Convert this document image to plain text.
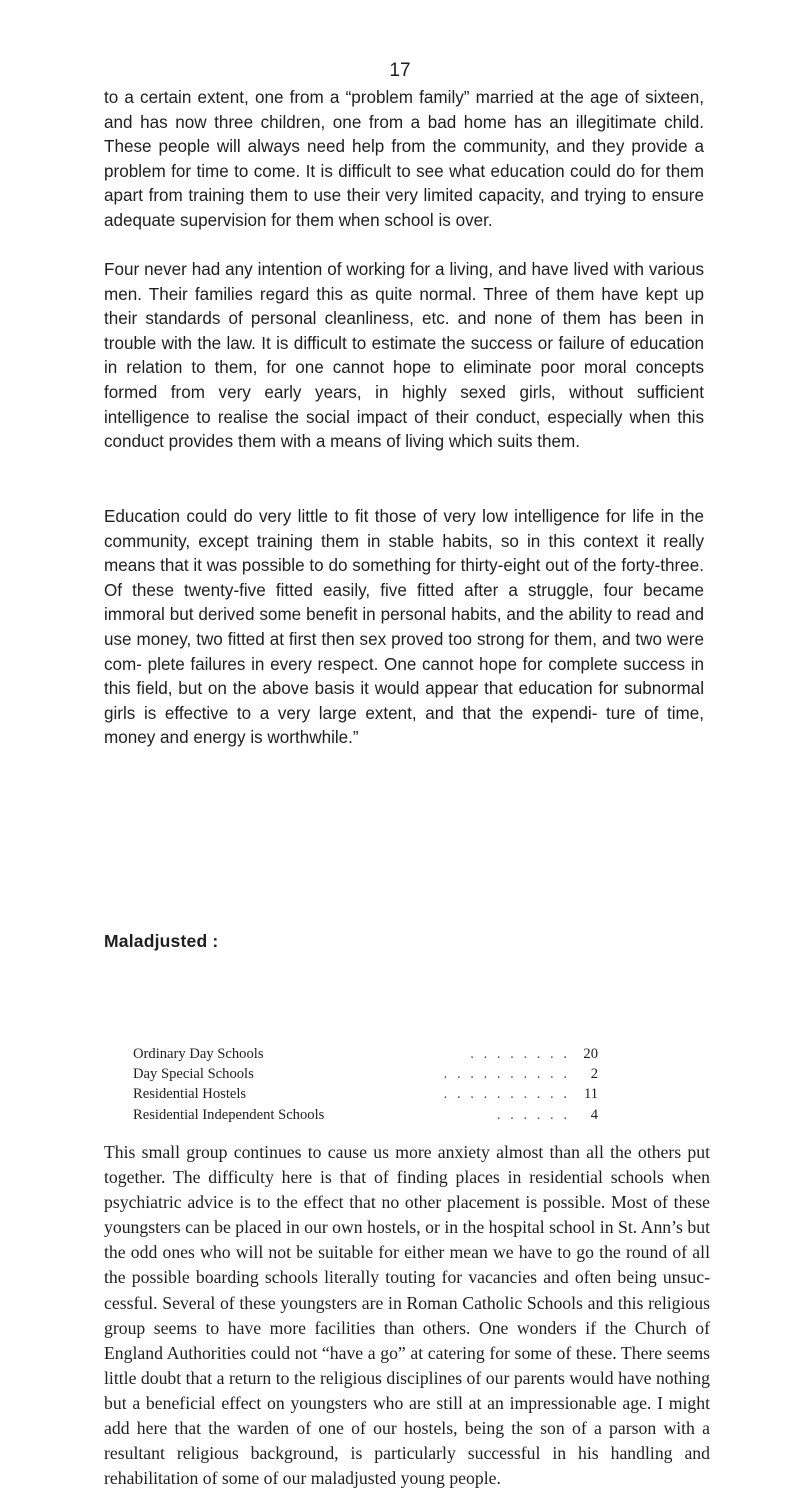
17

to a certain extent, one from a “problem family” married at the age of sixteen, and has now three children, one from a bad home has an illegitimate child. These people will always need help from the community, and they provide a problem for time to come. It is difficult to see what education could do for them apart from training them to use their very limited capacity, and trying to ensure adequate supervision for them when school is over.

Four never had any intention of working for a living, and have lived with various men. Their families regard this as quite normal. Three of them have kept up their standards of personal cleanliness, etc. and none of them has been in trouble with the law. It is difficult to estimate the success or failure of education in relation to them, for one cannot hope to eliminate poor moral concepts formed from very early years, in highly sexed girls, without sufficient intelligence to realise the social impact of their conduct, especially when this conduct provides them with a means of living which suits them.

Education could do very little to fit those of very low intelligence for life in the community, except training them in stable habits, so in this context it really means that it was possible to do something for thirty-eight out of the forty-three. Of these twenty-five fitted easily, five fitted after a struggle, four became immoral but derived some benefit in personal habits, and the ability to read and use money, two fitted at first then sex proved too strong for them, and two were com- plete failures in every respect. One cannot hope for complete success in this field, but on the above basis it would appear that education for subnormal girls is effective to a very large extent, and that the expendi- ture of time, money and energy is worthwhile.”

Maladjusted :
Ordinary Day Schools	. . . . . . . . 20
Day Special Schools	. . . . . . . . . .	2
Residential Hostels	. . . . . . . . . . 11
Residential Independent Schools	. . . . . .	4

This small group continues to cause us more anxiety almost than all the others put together. The difficulty here is that of finding places in residential schools when psychiatric advice is to the effect that no other placement is possible. Most of these youngsters can be placed in our own hostels, or in the hospital school in St. Ann’s but the odd ones who will not be suitable for either mean we have to go the round of all the possible boarding schools literally touting for vacancies and often being unsuc- cessful. Several of these youngsters are in Roman Catholic Schools and this religious group seems to have more facilities than others. One wonders if the Church of England Authorities could not “have a go” at catering for some of these. There seems little doubt that a return to the religious disciplines of our parents would have nothing but a beneficial effect on youngsters who are still at an impressionable age. I might add here that the warden of one of our hostels, being the son of a parson with a resultant religious background, is particularly successful in his handling and rehabilitation of some of our maladjusted young people.
